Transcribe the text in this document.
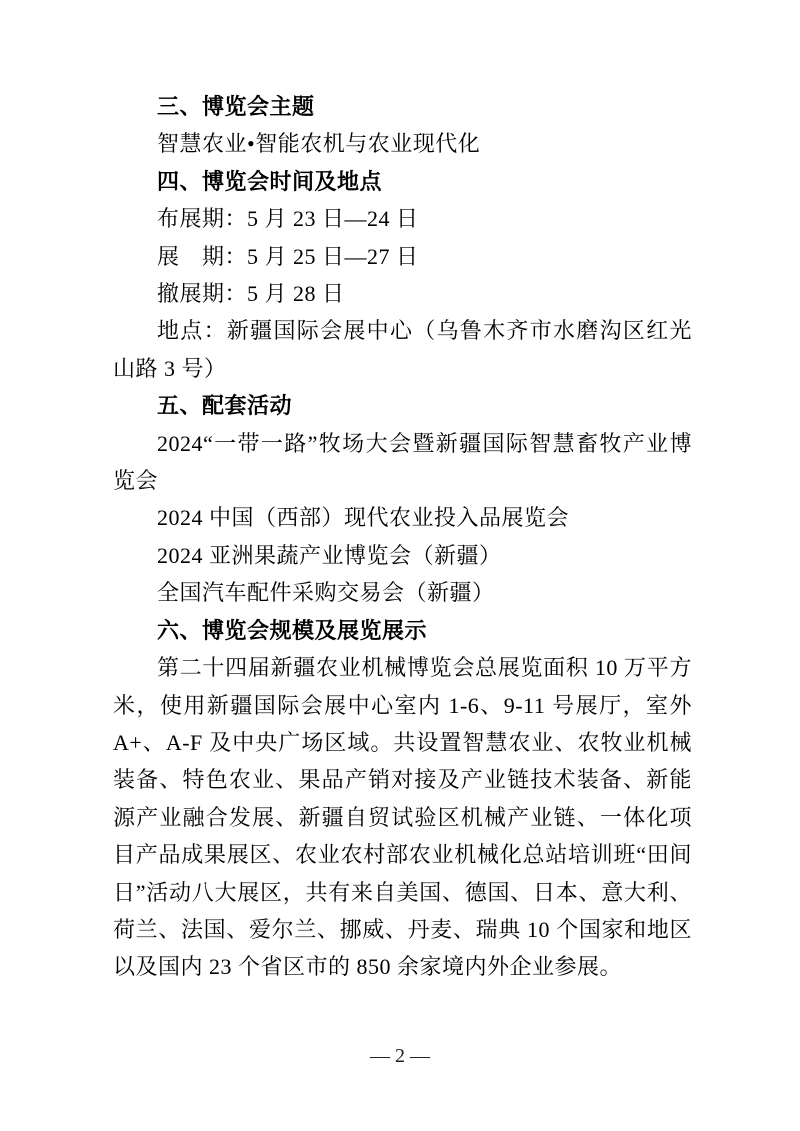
三、博览会主题

智慧农业•智能农机与农业现代化

四、博览会时间及地点

布展期：5 月 23 日—24 日

展　期：5 月 25 日—27 日

撤展期：5 月 28 日

地点：新疆国际会展中心（乌鲁木齐市水磨沟区红光山路 3 号）

五、配套活动

2024“一带一路”牧场大会暨新疆国际智慧畜牧产业博览会

2024 中国（西部）现代农业投入品展览会

2024 亚洲果蔬产业博览会（新疆）

全国汽车配件采购交易会（新疆）

六、博览会规模及展览展示

第二十四届新疆农业机械博览会总展览面积 10 万平方米，使用新疆国际会展中心室内 1-6、9-11 号展厅，室外 A+、A-F 及中央广场区域。共设置智慧农业、农牧业机械装备、特色农业、果品产销对接及产业链技术装备、新能源产业融合发展、新疆自贸试验区机械产业链、一体化项目产品成果展区、农业农村部农业机械化总站培训班“田间日”活动八大展区，共有来自美国、德国、日本、意大利、荷兰、法国、爱尔兰、挪威、丹麦、瑞典 10 个国家和地区以及国内 23 个省区市的 850 余家境内外企业参展。

— 2 —
